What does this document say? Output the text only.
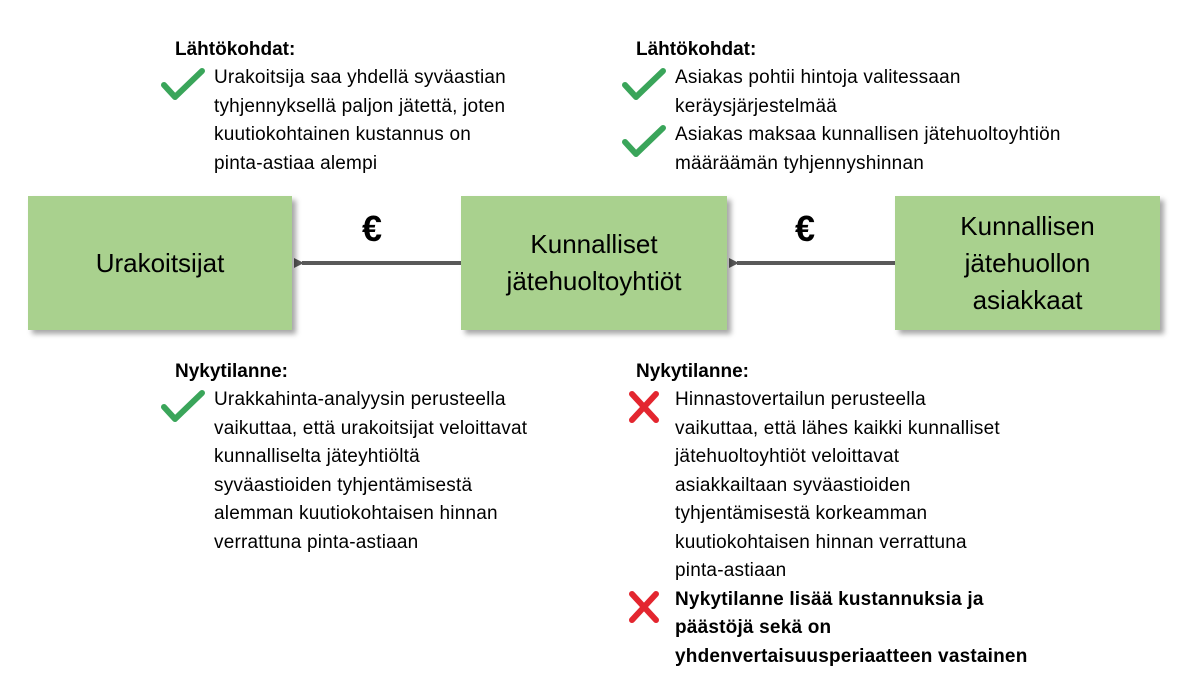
Lähtökohdat:

Urakoitsija saa yhdellä syväastian
tyhjennyksellä paljon jätettä, joten
kuutiokohtainen kustannus on
pinta-astiaa alempi

Lähtökohdat:

Asiakas pohtii hintoja valitessaan
keräysjärjestelmää
Asiakas maksaa kunnallisen jätehuoltoyhtiön
määräämän tyhjennyshinnan
€	€
Urakoitsijat
Kunnalliset
jätehuoltoyhtiöt
Kunnallisen
jätehuollon
asiakkaat

Nykytilanne:

Urakkahinta-analyysin perusteella
vaikuttaa, että urakoitsijat veloittavat
kunnalliselta jäteyhtiöltä
syväastioiden tyhjentämisestä
alemman kuutiokohtaisen hinnan
verrattuna pinta-astiaan

Nykytilanne:

Hinnastovertailun perusteella
vaikuttaa, että lähes kaikki kunnalliset
jätehuoltoyhtiöt veloittavat
asiakkailtaan syväastioiden
tyhjentämisestä korkeamman
kuutiokohtaisen hinnan verrattuna
pinta-astiaan
Nykytilanne lisää kustannuksia ja
päästöjä sekä on
yhdenvertaisuusperiaatteen vastainen
